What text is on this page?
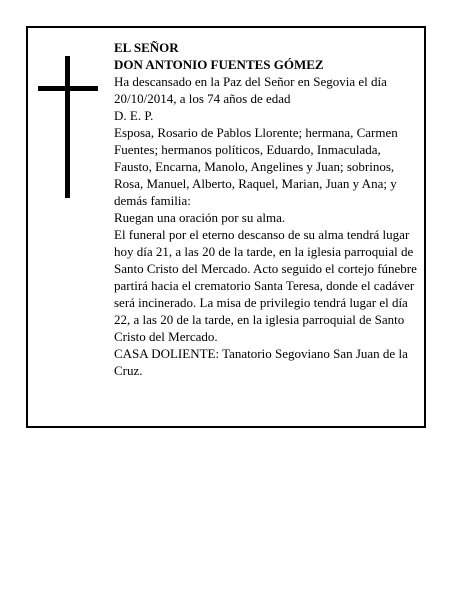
EL SEÑOR

DON ANTONIO FUENTES GÓMEZ

Ha descansado en la Paz del Señor en Segovia el día 20/10/2014, a los 74 años de edad

D. E. P.

Esposa, Rosario de Pablos Llorente; hermana, Carmen Fuentes; hermanos políticos, Eduardo, Inmaculada, Fausto, Encarna, Manolo, Angelines y Juan; sobrinos, Rosa, Manuel, Alberto, Raquel, Marian, Juan y Ana; y demás familia:

Ruegan una oración por su alma.

El funeral por el eterno descanso de su alma tendrá lugar hoy día 21, a las 20 de la tarde, en la iglesia parroquial de Santo Cristo del Mercado. Acto seguido el cortejo fúnebre partirá hacia el crematorio Santa Teresa, donde el cadáver será incinerado. La misa de privilegio tendrá lugar el día 22, a las 20 de la tarde, en la iglesia parroquial de Santo Cristo del Mercado.

CASA DOLIENTE: Tanatorio Segoviano San Juan de la Cruz.
